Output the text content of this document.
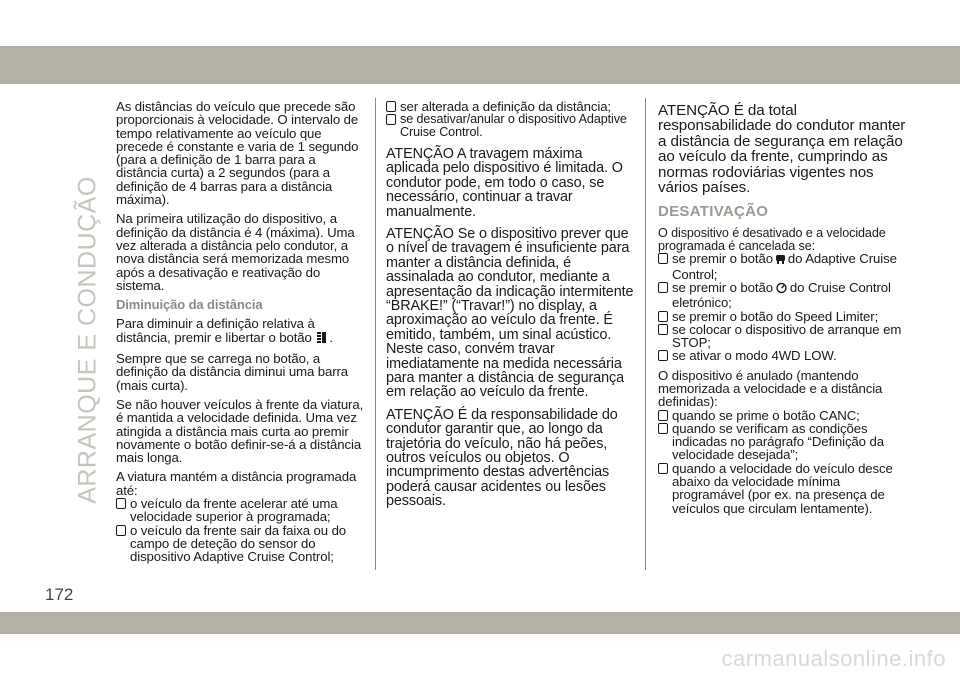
ARRANQUE E CONDUÇÃO

As distâncias do veículo que precede são proporcionais à velocidade. O intervalo de tempo relativamente ao veículo que precede é constante e varia de 1 segundo (para a definição de 1 barra para a distância curta) a 2 segundos (para a definição de 4 barras para a distância máxima).

Na primeira utilização do dispositivo, a definição da distância é 4 (máxima). Uma vez alterada a distância pelo condutor, a nova distância será memorizada mesmo após a desativação e reativação do sistema.

Diminuição da distância

Para diminuir a definição relativa à distância, premir e libertar o botão .

Sempre que se carrega no botão, a definição da distância diminui uma barra (mais curta).

Se não houver veículos à frente da viatura, é mantida a velocidade definida. Uma vez atingida a distância mais curta ao premir novamente o botão definir-se-á a distância mais longa.

A viatura mantém a distância programada até:

o veículo da frente acelerar até uma velocidade superior à programada;
o veículo da frente sair da faixa ou do campo de deteção do sensor do dispositivo Adaptive Cruise Control;
ser alterada a definição da distância;
se desativar/anular o dispositivo Adaptive Cruise Control.

ATENÇÃO A travagem máxima aplicada pelo dispositivo é limitada. O condutor pode, em todo o caso, se necessário, continuar a travar manualmente.

ATENÇÃO Se o dispositivo prever que o nível de travagem é insuficiente para manter a distância definida, é assinalada ao condutor, mediante a apresentação da indicação intermitente “BRAKE!” (“Travar!”) no display, a aproximação ao veículo da frente. É emitido, também, um sinal acústico. Neste caso, convém travar imediatamente na medida necessária para manter a distância de segurança em relação ao veículo da frente.

ATENÇÃO É da responsabilidade do condutor garantir que, ao longo da trajetória do veículo, não há peões, outros veículos ou objetos. O incumprimento destas advertências poderá causar acidentes ou lesões pessoais.

ATENÇÃO É da total responsabilidade do condutor manter a distância de segurança em relação ao veículo da frente, cumprindo as normas rodoviárias vigentes nos vários países.

DESATIVAÇÃO

O dispositivo é desativado e a velocidade programada é cancelada se:

se premir o botão do Adaptive Cruise Control;
se premir o botão do Cruise Control eletrónico;
se premir o botão do Speed Limiter;
se colocar o dispositivo de arranque em STOP;
se ativar o modo 4WD LOW.

O dispositivo é anulado (mantendo memorizada a velocidade e a distância definidas):

quando se prime o botão CANC;
quando se verificam as condições indicadas no parágrafo “Definição da velocidade desejada”;
quando a velocidade do veículo desce abaixo da velocidade mínima programável (por ex. na presença de veículos que circulam lentamente).
172
carmanualsonline.info
